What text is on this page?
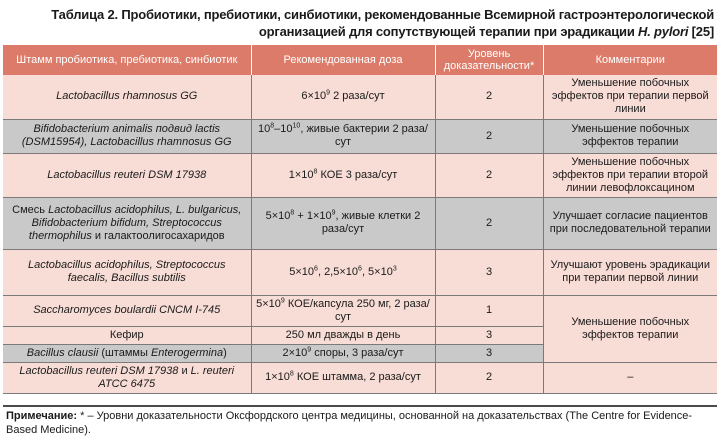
Таблица 2. Пробиотики, пребиотики, синбиотики, рекомендованные Всемирной гастроэнтерологической
организацией для сопутствующей терапии при эрадикации H. pylori [25]
Штамм пробиотика, пребиотика, синбиотик	Рекомендованная доза	Уровень доказательности*	Комментарии
Lactobacillus rhamnosus GG	$6\times 10^9$ 2 раза/сут	2	Уменьшение побочных эффектов при терапии первой линии
Bifidobacterium animalis подвид lactis (DSM15954), Lactobacillus rhamnosus GG	$10^8-10^{10}$, живые бактерии 2 раза/сут	2	Уменьшение побочных эффектов терапии
Lactobacillus reuteri DSM 17938	$1\times 10^8$ КОЕ 3 раза/сут	2	Уменьшение побочных эффектов при терапии второй линии левофлоксацином
Смесь Lactobacillus acidophilus, L. bulgaricus, Bifidobacterium bifidum, Streptococcus thermophilus и галактоолигосахаридов	$5\times 10^8 + 1\times 10^9$, живые клетки 2 раза/сут	2	Улучшает согласие пациентов при последовательной терапии
Lactobacillus acidophilus, Streptococcus faecalis, Bacillus subtilis	$5\times 10^6$, $2,5\times 10^6$, $5\times 10^3$	3	Улучшают уровень эрадикации при терапии первой линии
Saccharomyces boulardii CNCM I-745	$5\times 10^9$ КОЕ/капсула 250 мг, 2 раза/сут	1	Уменьшение побочных эффектов терапии
Кефир	250 мл дважды в день	3	
Bacillus clausii (штаммы Enterogermina)	$2\times 10^9$ споры, 3 раза/сут	3	
Lactobacillus reuteri DSM 17938 и L. reuteri ATCC 6475	$1\times 10^8$ КОЕ штамма, 2 раза/сут	2	–
Примечание: * – Уровни доказательности Оксфордского центра медицины, основанной на доказательствах (The Centre for Evidence-Based Medicine).
